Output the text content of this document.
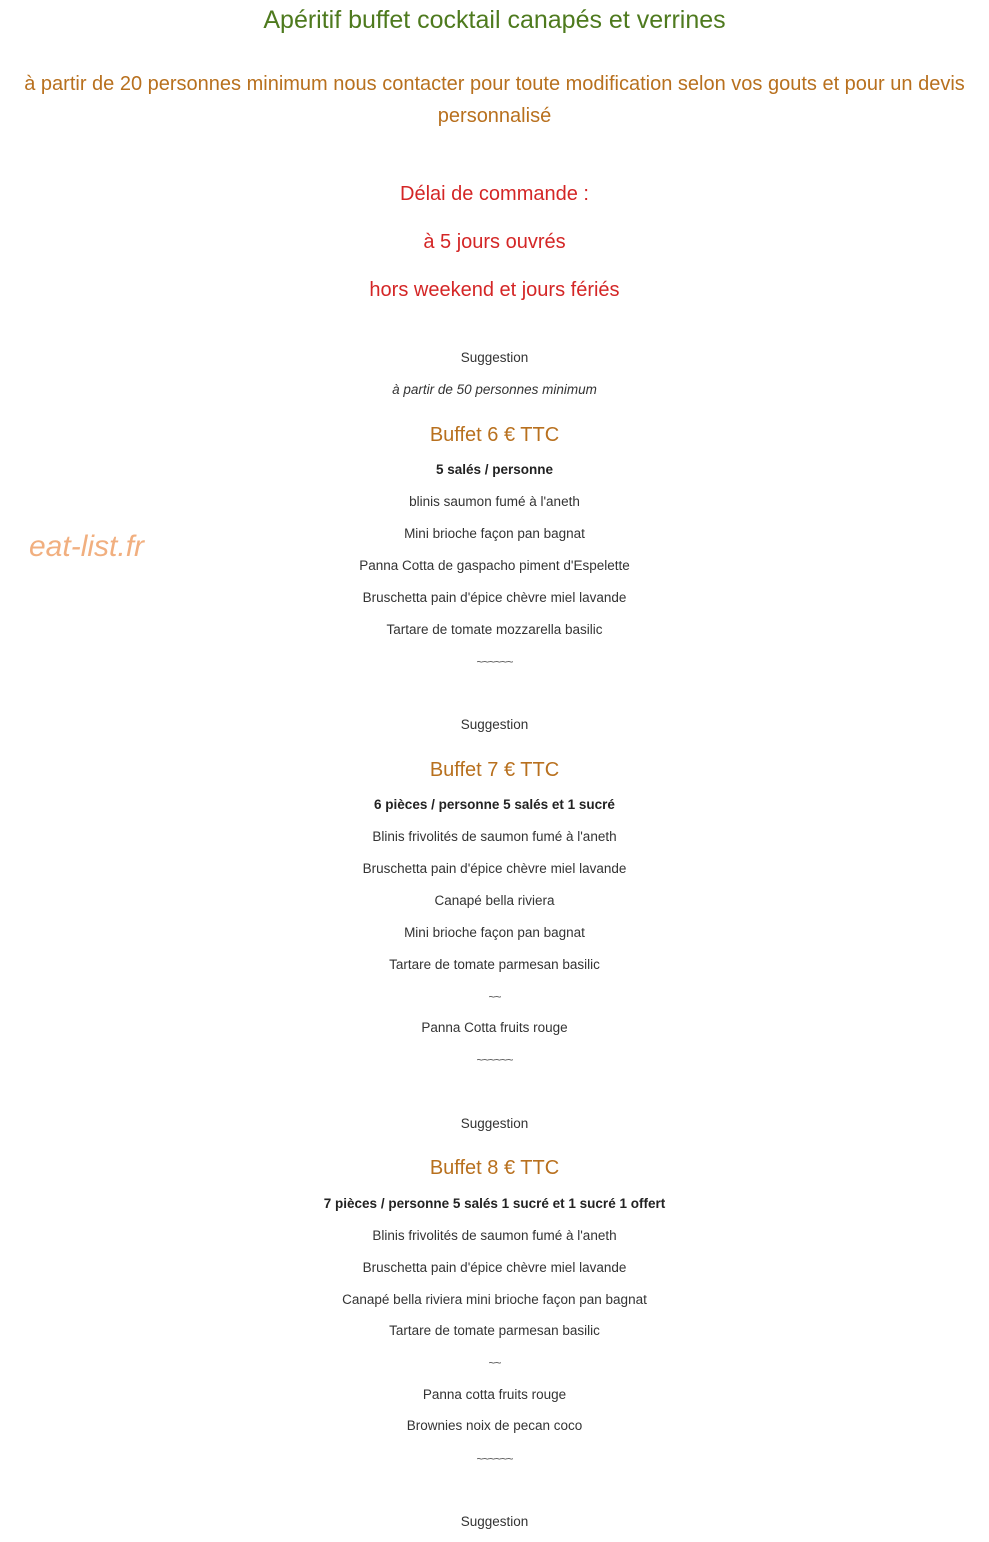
Apéritif buffet cocktail canapés et verrines
à partir de 20 personnes minimum nous contacter pour toute modification selon vos gouts et pour un devis
personnalisé
Délai de commande :
à 5 jours ouvrés
hors weekend et jours fériés
eat-list.fr
Suggestion
à partir de 50 personnes minimum
Buffet 6 € TTC
5 salés / personne
blinis saumon fumé à l'aneth
Mini brioche façon pan bagnat
Panna Cotta de gaspacho piment d'Espelette
Bruschetta pain d'épice chèvre miel lavande
Tartare de tomate mozzarella basilic
~~~~~~
Suggestion
Buffet 7 € TTC
6 pièces / personne 5 salés et 1 sucré
Blinis frivolités de saumon fumé à l'aneth
Bruschetta pain d'épice chèvre miel lavande
Canapé bella riviera
Mini brioche façon pan bagnat
Tartare de tomate parmesan basilic
~~
Panna Cotta fruits rouge
~~~~~~
Suggestion
Buffet 8 € TTC
7 pièces / personne 5 salés 1 sucré et 1 sucré 1 offert
Blinis frivolités de saumon fumé à l'aneth
Bruschetta pain d'épice chèvre miel lavande
Canapé bella riviera mini brioche façon pan bagnat
Tartare de tomate parmesan basilic
~~
Panna cotta fruits rouge
Brownies noix de pecan coco
~~~~~~
Suggestion
